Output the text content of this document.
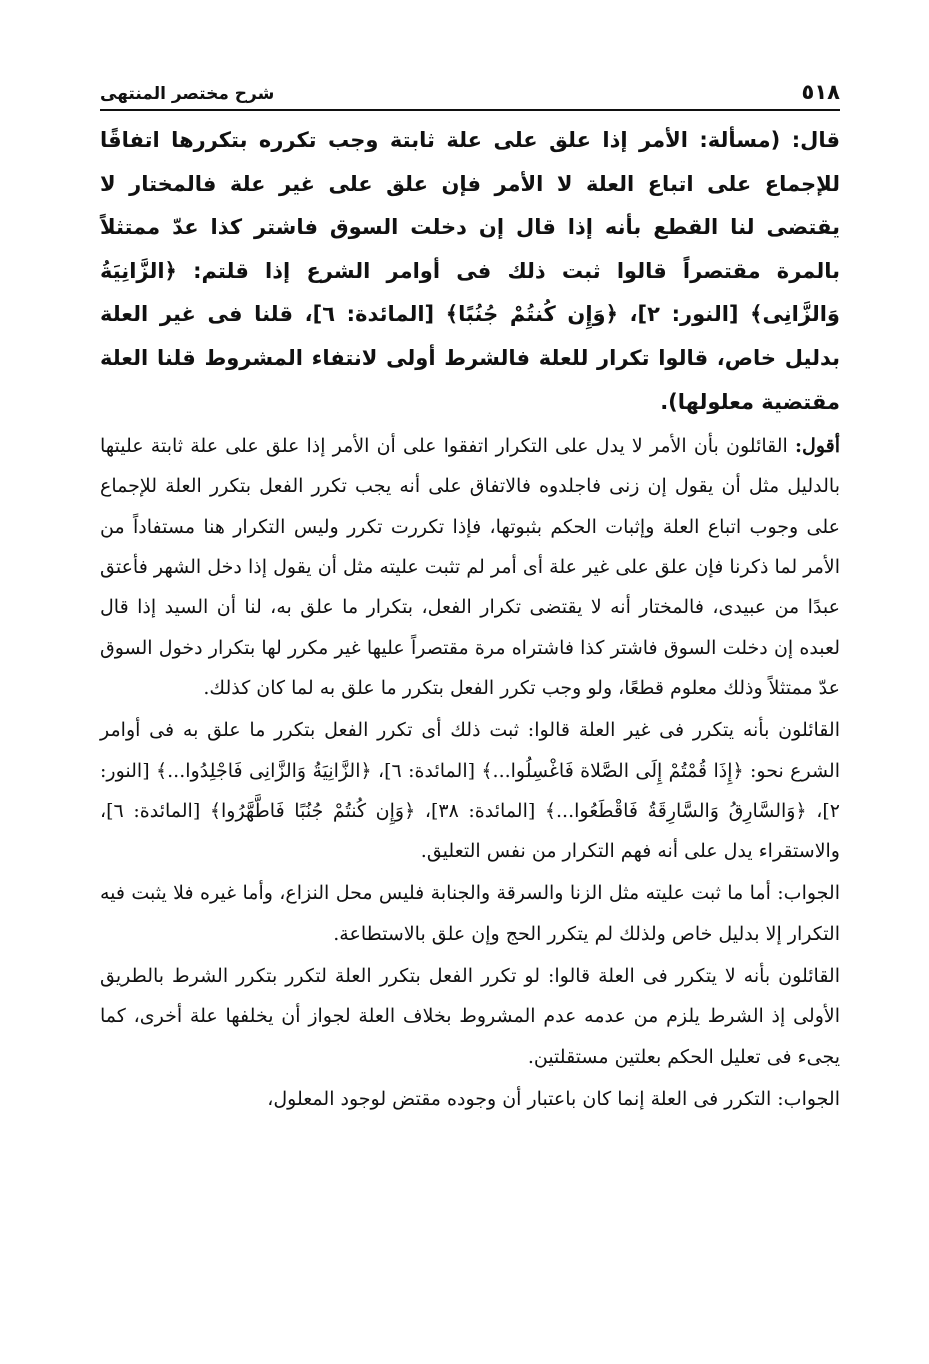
٥١٨
شرح مختصر المنتهى

قال: (مسألة: الأمر إذا علق على علة ثابتة وجب تكرره بتكررها اتفاقًا للإجماع على اتباع العلة لا الأمر فإن علق على غير علة فالمختار لا يقتضى لنا القطع بأنه إذا قال إن دخلت السوق فاشتر كذا عدّ ممتثلاً بالمرة مقتصراً قالوا ثبت ذلك فى أوامر الشرع إذا قلتم: ﴿الزَّانِيَةُ وَالزَّانِى﴾ [النور: ٢]، ﴿وَإِن كُنتُمْ جُنُبًا﴾ [المائدة: ٦]، قلنا فى غير العلة بدليل خاص، قالوا تكرار للعلة فالشرط أولى لانتفاء المشروط قلنا العلة مقتضية معلولها).

أقول: القائلون بأن الأمر لا يدل على التكرار اتفقوا على أن الأمر إذا علق على علة ثابتة عليتها بالدليل مثل أن يقول إن زنى فاجلدوه فالاتفاق على أنه يجب تكرر الفعل بتكرر العلة للإجماع على وجوب اتباع العلة وإثبات الحكم بثبوتها، فإذا تكررت تكرر وليس التكرار هنا مستفاداً من الأمر لما ذكرنا فإن علق على غير علة أى أمر لم تثبت عليته مثل أن يقول إذا دخل الشهر فأعتق عبدًا من عبيدى، فالمختار أنه لا يقتضى تكرار الفعل، بتكرار ما علق به، لنا أن السيد إذا قال لعبده إن دخلت السوق فاشتر كذا فاشتراه مرة مقتصراً عليها غير مكرر لها بتكرار دخول السوق عدّ ممتثلاً وذلك معلوم قطعًا، ولو وجب تكرر الفعل بتكرر ما علق به لما كان كذلك.

القائلون بأنه يتكرر فى غير العلة قالوا: ثبت ذلك أى تكرر الفعل بتكرر ما علق به فى أوامر الشرع نحو: ﴿إِذَا قُمْتُمْ إِلَى الصَّلاة فَاغْسِلُوا...﴾ [المائدة: ٦]، ﴿الزَّانِيَةُ وَالزَّانِى فَاجْلِدُوا...﴾ [النور: ٢]، ﴿وَالسَّارِقُ وَالسَّارِقَةُ فَاقْطَعُوا...﴾ [المائدة: ٣٨]، ﴿وَإِن كُنتُمْ جُنُبًا فَاطَّهَّرُوا﴾ [المائدة: ٦]، والاستقراء يدل على أنه فهم التكرار من نفس التعليق.

الجواب: أما ما ثبت عليته مثل الزنا والسرقة والجنابة فليس محل النزاع، وأما غيره فلا يثبت فيه التكرار إلا بدليل خاص ولذلك لم يتكرر الحج وإن علق بالاستطاعة.

القائلون بأنه لا يتكرر فى العلة قالوا: لو تكرر الفعل بتكرر العلة لتكرر بتكرر الشرط بالطريق الأولى إذ الشرط يلزم من عدمه عدم المشروط بخلاف العلة لجواز أن يخلفها علة أخرى، كما يجىء فى تعليل الحكم بعلتين مستقلتين.

الجواب: التكرر فى العلة إنما كان باعتبار أن وجوده مقتض لوجود المعلول،
